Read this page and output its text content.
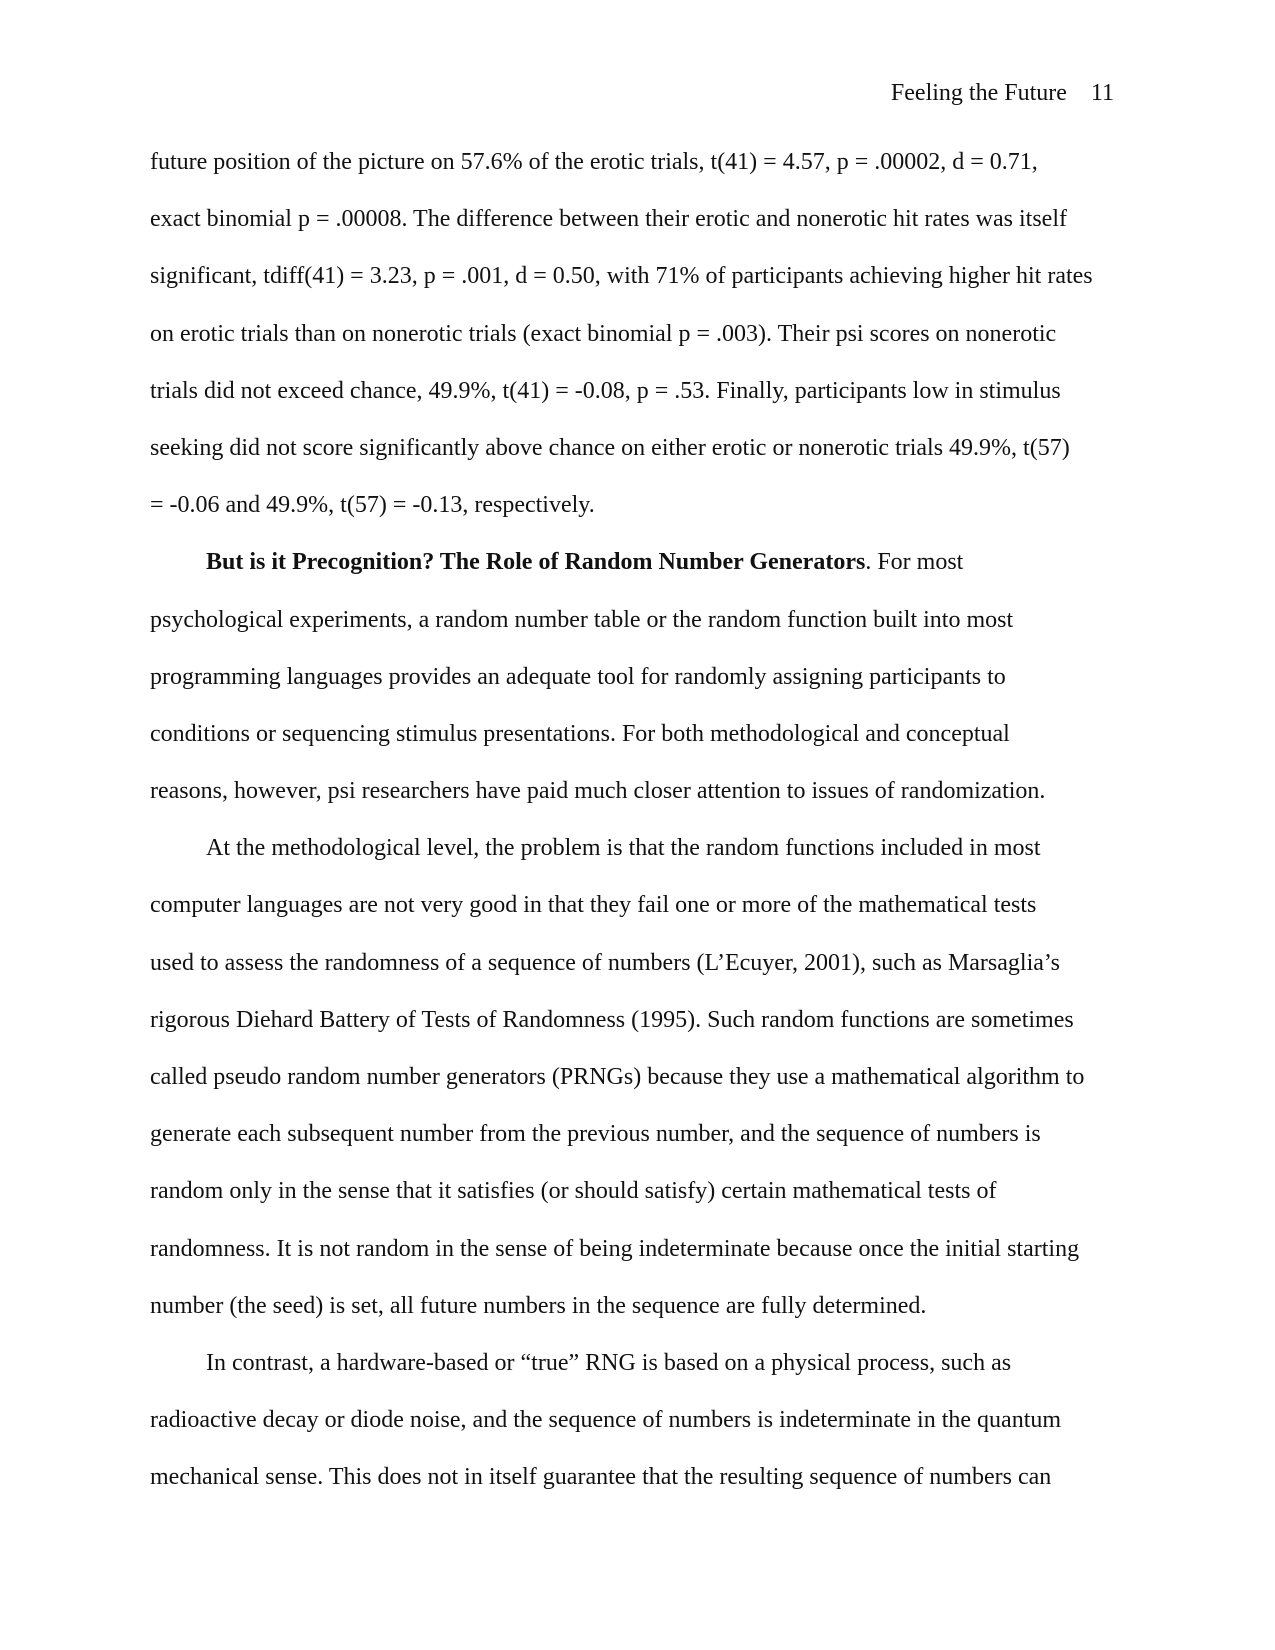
Feeling the Future 11
future position of the picture on 57.6% of the erotic trials, t(41) = 4.57, p = .00002, d = 0.71,
exact binomial p = .00008. The difference between their erotic and nonerotic hit rates was itself
significant, tdiff(41) = 3.23, p = .001, d = 0.50, with 71% of participants achieving higher hit rates
on erotic trials than on nonerotic trials (exact binomial p = .003). Their psi scores on nonerotic
trials did not exceed chance, 49.9%, t(41) = -0.08, p = .53. Finally, participants low in stimulus
seeking did not score significantly above chance on either erotic or nonerotic trials 49.9%, t(57)
= -0.06 and 49.9%, t(57) = -0.13, respectively.
But is it Precognition? The Role of Random Number Generators. For most
psychological experiments, a random number table or the random function built into most
programming languages provides an adequate tool for randomly assigning participants to
conditions or sequencing stimulus presentations. For both methodological and conceptual
reasons, however, psi researchers have paid much closer attention to issues of randomization.
At the methodological level, the problem is that the random functions included in most
computer languages are not very good in that they fail one or more of the mathematical tests
used to assess the randomness of a sequence of numbers (L’Ecuyer, 2001), such as Marsaglia’s
rigorous Diehard Battery of Tests of Randomness (1995). Such random functions are sometimes
called pseudo random number generators (PRNGs) because they use a mathematical algorithm to
generate each subsequent number from the previous number, and the sequence of numbers is
random only in the sense that it satisfies (or should satisfy) certain mathematical tests of
randomness. It is not random in the sense of being indeterminate because once the initial starting
number (the seed) is set, all future numbers in the sequence are fully determined.
In contrast, a hardware-based or “true” RNG is based on a physical process, such as
radioactive decay or diode noise, and the sequence of numbers is indeterminate in the quantum
mechanical sense. This does not in itself guarantee that the resulting sequence of numbers can
